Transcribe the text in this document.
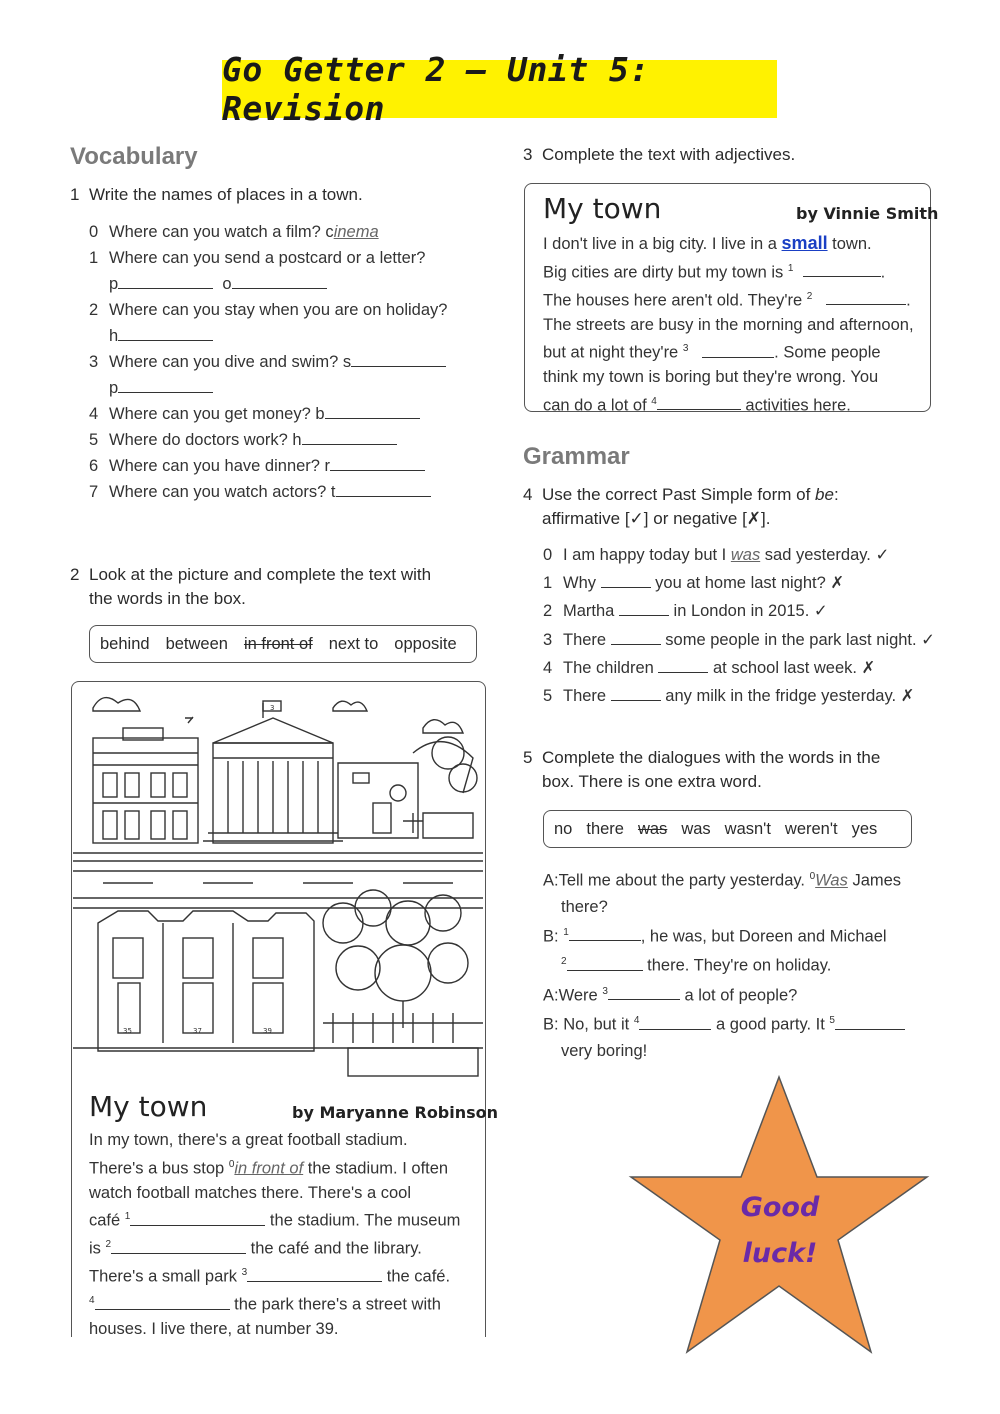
Go Getter 2 – Unit 5: Revision
Vocabulary
1 Write the names of places in a town.
0 Where can you watch a film? cinema
1 Where can you send a postcard or a letter?
p	o
2 Where can you stay when you are on holiday?
h
3 Where can you dive and swim? s
p
4 Where can you get money? b
5 Where do doctors work? h
6 Where can you have dinner? r
7 Where can you watch actors? t
2 Look at the picture and complete the text with
the words in the box.
behind between in front of next to opposite
3
35	37	39
My town	by Maryanne Robinson
In my town, there's a great football stadium.
There's a bus stop $^0$in front of the stadium. I often
watch football matches there. There's a cool
café $^1$	the stadium. The museum
is $^2$	the café and the library.
There's a small park $^3$	the café.
$^4$	the park there's a street with
houses. I live there, at number 39.
3 Complete the text with adjectives.
My town	by Vinnie Smith
I don't live in a big city. I live in a small town.
Big cities are dirty but my town is $^1$	.
The houses here aren't old. They're $^2$	.
The streets are busy in the morning and afternoon,
but at night they're $^3$	. Some people
think my town is boring but they're wrong. You
can do a lot of $^4$	activities here.
Grammar
4 Use the correct Past Simple form of be:
affirmative [✓] or negative [✗].
0 I am happy today but I was sad yesterday. ✓
1 Why	you at home last night? ✗
2 Martha	in London in 2015. ✓
3 There	some people in the park last night. ✓
4 The children	at school last week. ✗
5 There	any milk in the fridge yesterday. ✗
5 Complete the dialogues with the words in the
box. There is one extra word.
no there was was wasn't weren't yes
A:Tell me about the party yesterday. $^0$Was James
there?
B: $^1$	, he was, but Doreen and Michael
$^2$	there. They're on holiday.
A:Were $^3$	a lot of people?
B: No, but it $^4$	a good party. It $^5$
very boring!
Good
luck!
